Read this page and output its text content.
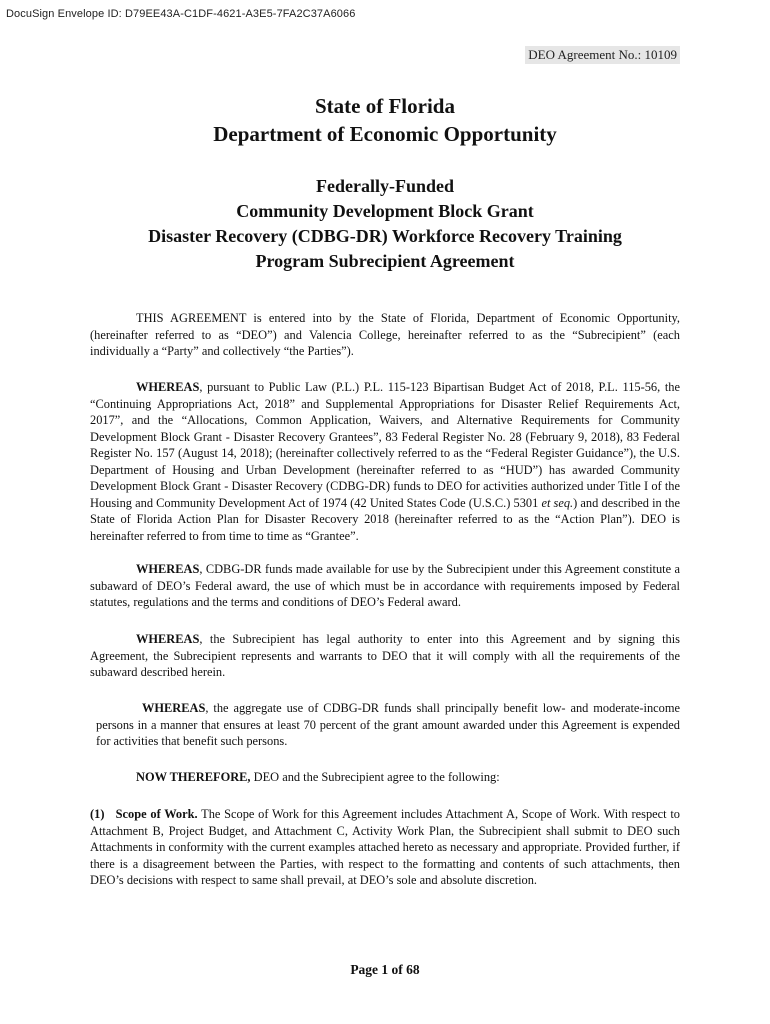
DocuSign Envelope ID: D79EE43A-C1DF-4621-A3E5-7FA2C37A6066
DEO Agreement No.: 10109
State of Florida
Department of Economic Opportunity
Federally-Funded
Community Development Block Grant
Disaster Recovery (CDBG-DR) Workforce Recovery Training
Program Subrecipient Agreement
THIS AGREEMENT is entered into by the State of Florida, Department of Economic Opportunity, (hereinafter referred to as “DEO”) and Valencia College, hereinafter referred to as the “Subrecipient” (each individually a “Party” and collectively “the Parties”).
WHEREAS, pursuant to Public Law (P.L.) P.L. 115-123 Bipartisan Budget Act of 2018, P.L. 115-56, the “Continuing Appropriations Act, 2018” and Supplemental Appropriations for Disaster Relief Requirements Act, 2017”, and the “Allocations, Common Application, Waivers, and Alternative Requirements for Community Development Block Grant - Disaster Recovery Grantees”, 83 Federal Register No. 28 (February 9, 2018), 83 Federal Register No. 157 (August 14, 2018); (hereinafter collectively referred to as the “Federal Register Guidance”), the U.S. Department of Housing and Urban Development (hereinafter referred to as “HUD”) has awarded Community Development Block Grant - Disaster Recovery (CDBG-DR) funds to DEO for activities authorized under Title I of the Housing and Community Development Act of 1974 (42 United States Code (U.S.C.) 5301 et seq.) and described in the State of Florida Action Plan for Disaster Recovery 2018 (hereinafter referred to as the “Action Plan”). DEO is hereinafter referred to from time to time as “Grantee”.
WHEREAS, CDBG-DR funds made available for use by the Subrecipient under this Agreement constitute a subaward of DEO’s Federal award, the use of which must be in accordance with requirements imposed by Federal statutes, regulations and the terms and conditions of DEO’s Federal award.
WHEREAS, the Subrecipient has legal authority to enter into this Agreement and by signing this Agreement, the Subrecipient represents and warrants to DEO that it will comply with all the requirements of the subaward described herein.
WHEREAS, the aggregate use of CDBG-DR funds shall principally benefit low- and moderate-income persons in a manner that ensures at least 70 percent of the grant amount awarded under this Agreement is expended for activities that benefit such persons.
NOW THEREFORE, DEO and the Subrecipient agree to the following:
(1)   Scope of Work. The Scope of Work for this Agreement includes Attachment A, Scope of Work. With respect to Attachment B, Project Budget, and Attachment C, Activity Work Plan, the Subrecipient shall submit to DEO such Attachments in conformity with the current examples attached hereto as necessary and appropriate. Provided further, if there is a disagreement between the Parties, with respect to the formatting and contents of such attachments, then DEO’s decisions with respect to same shall prevail, at DEO’s sole and absolute discretion.
Page 1 of 68
